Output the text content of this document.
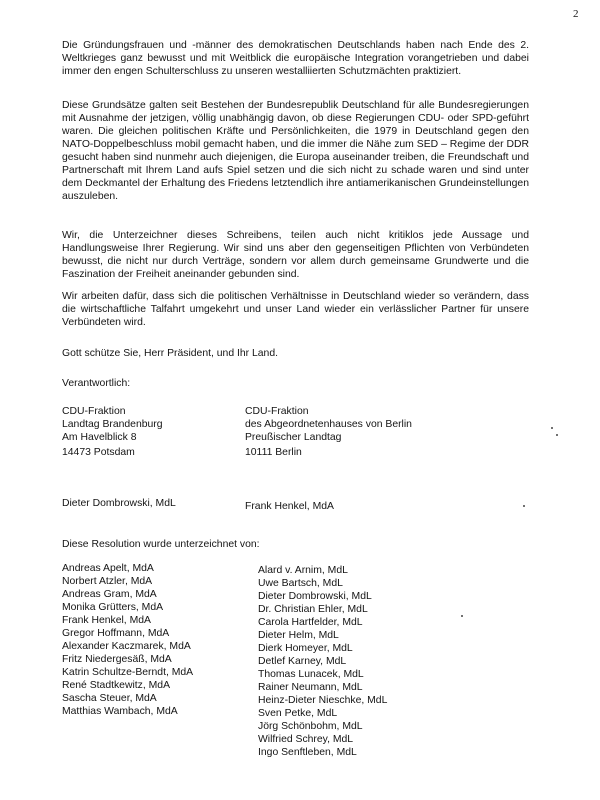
2

Die Gründungsfrauen und -männer des demokratischen Deutschlands haben nach Ende des 2. Weltkrieges ganz bewusst und mit Weitblick die europäische Integration vorangetrieben und dabei immer den engen Schulterschluss zu unseren westalliierten Schutzmächten praktiziert.

Diese Grundsätze galten seit Bestehen der Bundesrepublik Deutschland für alle Bundesregierungen mit Ausnahme der jetzigen, völlig unabhängig davon, ob diese Regierungen CDU- oder SPD-geführt waren. Die gleichen politischen Kräfte und Persönlichkeiten, die 1979 in Deutschland gegen den NATO-Doppelbeschluss mobil gemacht haben, und die immer die Nähe zum SED – Regime der DDR gesucht haben sind nunmehr auch diejenigen, die Europa auseinander treiben, die Freundschaft und Partnerschaft mit Ihrem Land aufs Spiel setzen und die sich nicht zu schade waren und sind unter dem Deckmantel der Erhaltung des Friedens letztendlich ihre antiamerikanischen Grundeinstellungen auszuleben.

Wir, die Unterzeichner dieses Schreibens, teilen auch nicht kritiklos jede Aussage und Handlungsweise Ihrer Regierung. Wir sind uns aber den gegenseitigen Pflichten von Verbündeten bewusst, die nicht nur durch Verträge, sondern vor allem durch gemeinsame Grundwerte und die Faszination der Freiheit aneinander gebunden sind.

Wir arbeiten dafür, dass sich die politischen Verhältnisse in Deutschland wieder so verändern, dass die wirtschaftliche Talfahrt umgekehrt und unser Land wieder ein verlässlicher Partner für unsere Verbündeten wird.

Gott schütze Sie, Herr Präsident, und Ihr Land.
Verantwortlich:
CDU-Fraktion
Landtag Brandenburg
Am Havelblick 8
CDU-Fraktion
des Abgeordnetenhauses von Berlin
Preußischer Landtag
14473 Potsdam	10111 Berlin
Dieter Dombrowski, MdL	Frank Henkel, MdA
Diese Resolution wurde unterzeichnet von:
Andreas Apelt, MdA
Norbert Atzler, MdA
Andreas Gram, MdA
Monika Grütters, MdA
Frank Henkel, MdA
Gregor Hoffmann, MdA
Alexander Kaczmarek, MdA
Fritz Niedergesäß, MdA
Katrin Schultze-Berndt, MdA
René Stadtkewitz, MdA
Sascha Steuer, MdA
Matthias Wambach, MdA
Alard v. Arnim, MdL
Uwe Bartsch, MdL
Dieter Dombrowski, MdL
Dr. Christian Ehler, MdL
Carola Hartfelder, MdL
Dieter Helm, MdL
Dierk Homeyer, MdL
Detlef Karney, MdL
Thomas Lunacek, MdL
Rainer Neumann, MdL
Heinz-Dieter Nieschke, MdL
Sven Petke, MdL
Jörg Schönbohm, MdL
Wilfried Schrey, MdL
Ingo Senftleben, MdL
